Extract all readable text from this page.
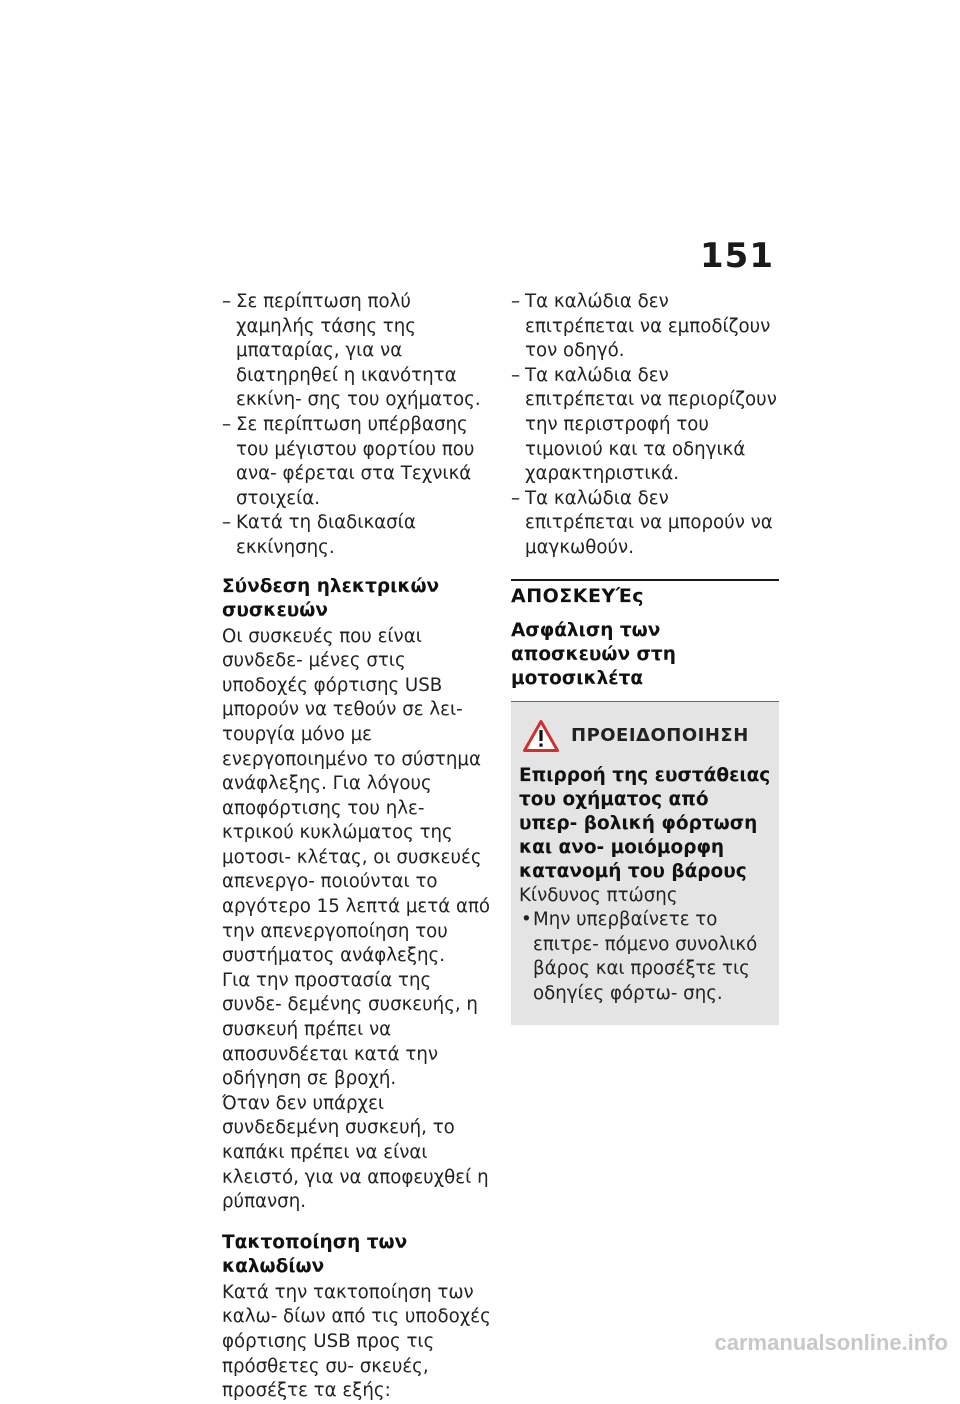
151
– Σε περίπτωση πολύ χαμηλής τάσης της μπαταρίας, για να διατηρηθεί η ικανότητα εκκίνη- σης του οχήματος.
– Σε περίπτωση υπέρβασης του μέγιστου φορτίου που ανα- φέρεται στα Τεχνικά στοιχεία.
– Κατά τη διαδικασία εκκίνησης.
Σύνδεση ηλεκτρικών συσκευών

Οι συσκευές που είναι συνδεδε- μένες στις υποδοχές φόρτισης USB μπορούν να τεθούν σε λει- τουργία μόνο με ενεργοποιημένο το σύστημα ανάφλεξης. Για λόγους αποφόρτισης του ηλε- κτρικού κυκλώματος της μοτοσι- κλέτας, οι συσκευές απενεργο- ποιούνται το αργότερο 15 λεπτά μετά από την απενεργοποίηση του συστήματος ανάφλεξης.

Για την προστασία της συνδε- δεμένης συσκευής, η συσκευή πρέπει να αποσυνδέεται κατά την οδήγηση σε βροχή.

Όταν δεν υπάρχει συνδεδεμένη συσκευή, το καπάκι πρέπει να είναι κλειστό, για να αποφευχθεί η ρύπανση.

Τακτοποίηση των καλωδίων

Κατά την τακτοποίηση των καλω- δίων από τις υποδοχές φόρτισης USB προς τις πρόσθετες συ- σκευές, προσέξτε τα εξής:

– Τα καλώδια δεν επιτρέπεται να εμποδίζουν τον οδηγό.
– Τα καλώδια δεν επιτρέπεται να περιορίζουν την περιστροφή του τιμονιού και τα οδηγικά χαρακτηριστικά.
– Τα καλώδια δεν επιτρέπεται να μπορούν να μαγκωθούν.
ΑΠΟΣΚΕΥΈς
Ασφάλιση των αποσκευών στη μοτοσικλέτα
ΠΡΟΕΙΔΟΠΟΙΗΣΗ

Επιρροή της ευστάθειας του οχήματος από υπερ- βολική φόρτωση και ανο- μοιόμορφη κατανομή του βάρους

Κίνδυνος πτώσης

• Μην υπερβαίνετε το επιτρε- πόμενο συνολικό βάρος και προσέξτε τις οδηγίες φόρτω- σης.
carmanualsonline.info
